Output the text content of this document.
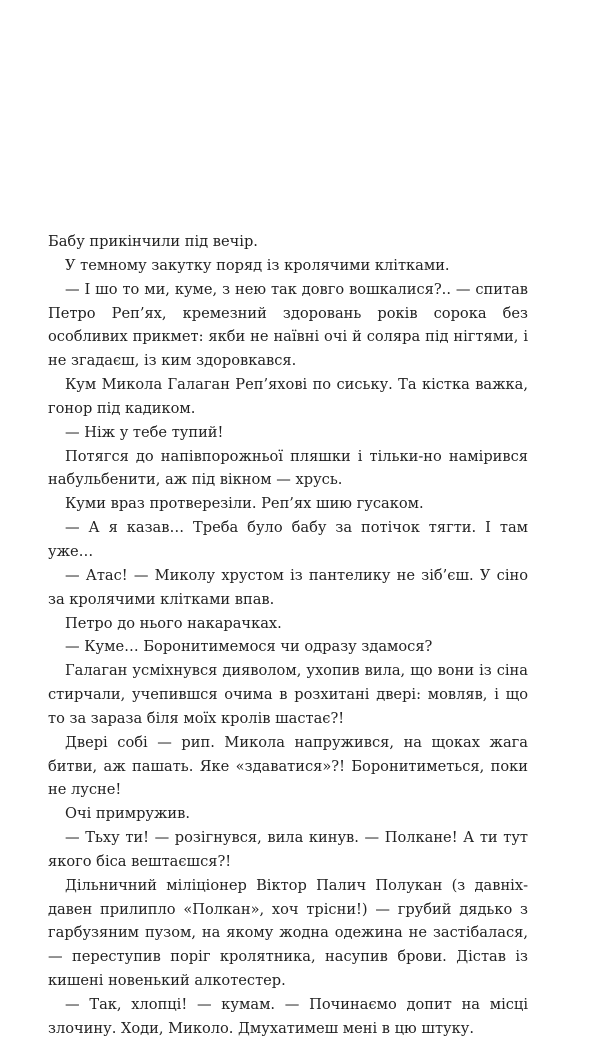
Бабу прикінчили під вечір.

У темному закутку поряд із кролячими клітками.

— І шо то ми, куме, з нею так довго вошкалися?.. — спитав Петро Реп’ях, кремезний здоровань років сорока без особливих прикмет: якби не наївні очі й соляра під нігтями, і не згадаєш, із ким здоровкався.

Кум Микола Галаган Реп’яхові по сиську. Та кістка важка, гонор під кадиком.

— Ніж у тебе тупий!

Потягся до напівпорожньої пляшки і тільки-но намірився набульбенити, аж під вікном — хрусь.

Куми враз протверезіли. Реп’ях шию гусаком.

— А я казав… Треба було бабу за потічок тягти. І там уже…

— Атас! — Миколу хрустом із пантелику не зіб’єш. У сіно за кролячими клітками впав.

Петро до нього накарачках.

— Куме… Боронитимемося чи одразу здамося?

Галаган усміхнувся дияволом, ухопив вила, що вони із сіна стирчали, учепившся очима в розхитані двері: мовляв, і що то за зараза біля моїх кролів шастає?!

Двері собі — рип. Микола напружився, на щоках жага битви, аж пашать. Яке «здаватися»?! Боронитиметься, поки не лусне!

Очі примружив.

— Тьху ти! — розігнувся, вила кинув. — Полкане! А ти тут якого біса вештаєшся?!

Дільничний міліціонер Віктор Палич Полукан (з давніх-давен прилипло «Полкан», хоч трісни!) — грубий дядько з гарбузяним пузом, на якому жодна одежина не застібалася, — переступив поріг кролятника, насупив брови. Дістав із кишені новенький алкотестер.

— Так, хлопці! — кумам. — Починаємо допит на місці злочину. Ходи, Миколо. Дмухатимеш мені в цю штуку.
